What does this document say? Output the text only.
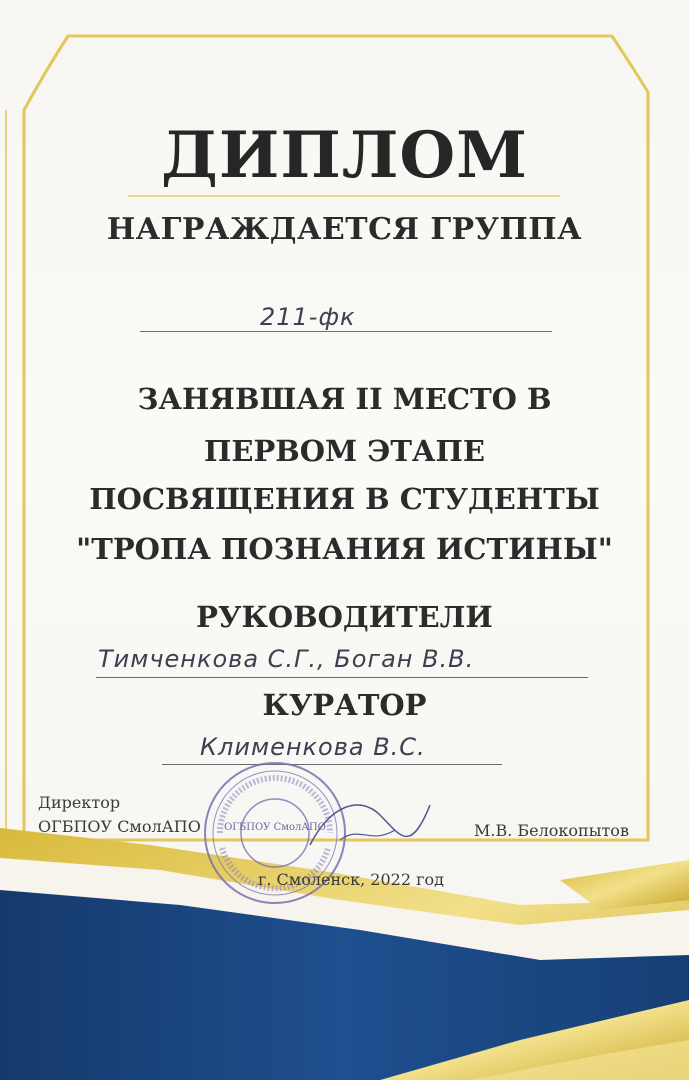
ДИПЛОМ
НАГРАЖДАЕТСЯ ГРУППА
211-фк
ЗАНЯВШАЯ II МЕСТО В
ПЕРВОМ ЭТАПЕ
ПОСВЯЩЕНИЯ В СТУДЕНТЫ
"ТРОПА ПОЗНАНИЯ ИСТИНЫ"
РУКОВОДИТЕЛИ
Тимченкова С.Г., Боган В.В.
КУРАТОР
Клименкова В.С.
Директор
ОГБПОУ СмолАПО	М.В. Белокопытов
ОГБПОУ СмолАПО
г. Смоленск, 2022 год
